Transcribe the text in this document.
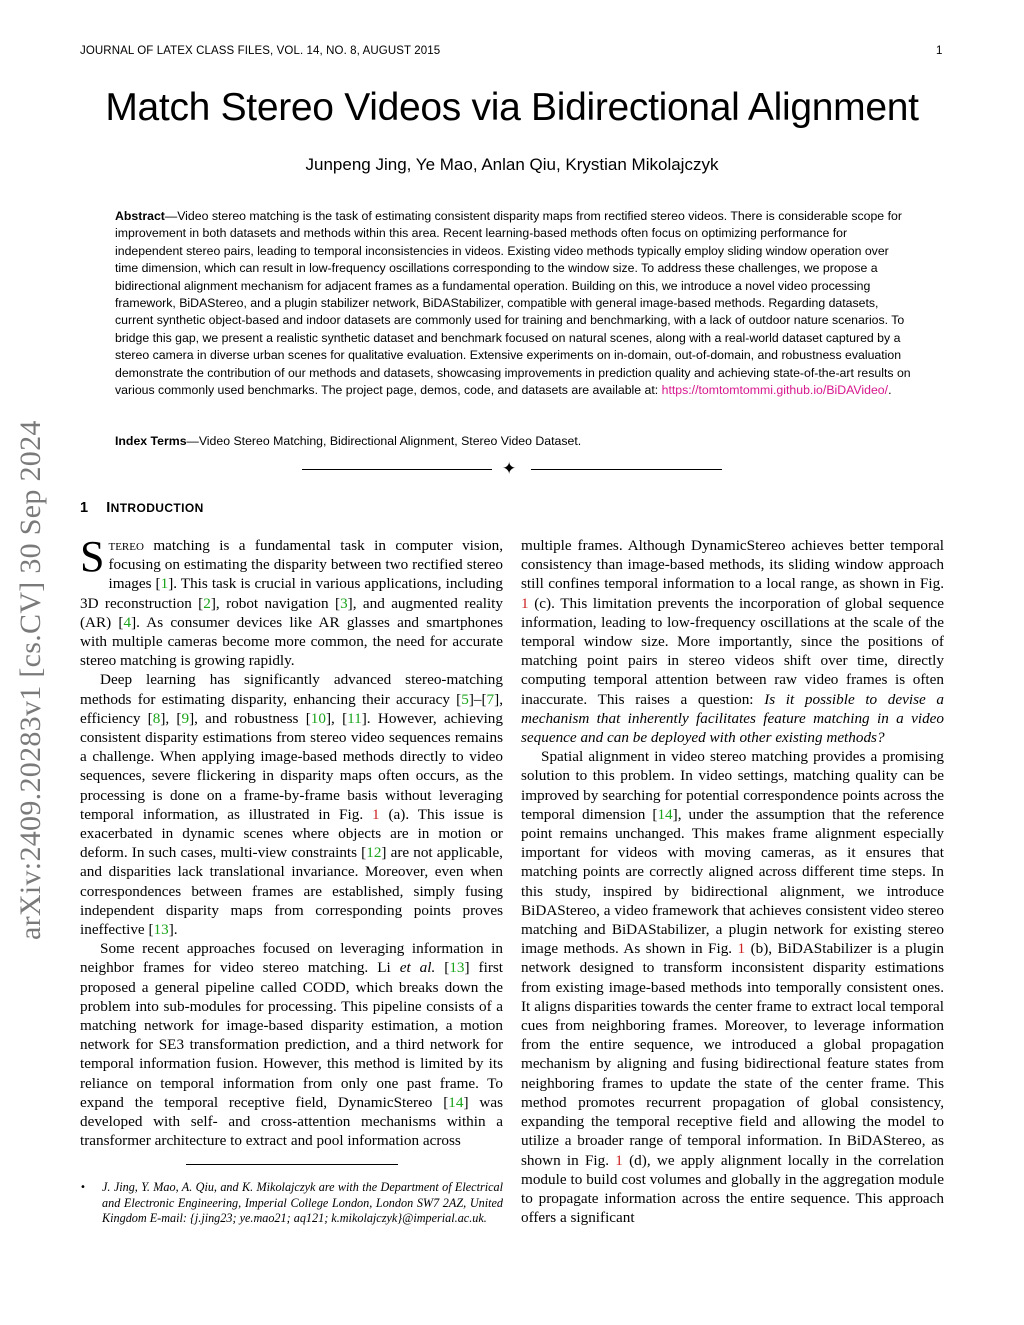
JOURNAL OF LATEX CLASS FILES, VOL. 14, NO. 8, AUGUST 2015	1
arXiv:2409.20283v1 [cs.CV] 30 Sep 2024
Match Stereo Videos via Bidirectional Alignment
Junpeng Jing, Ye Mao, Anlan Qiu, Krystian Mikolajczyk
Abstract—Video stereo matching is the task of estimating consistent disparity maps from rectified stereo videos. There is considerable scope for improvement in both datasets and methods within this area. Recent learning-based methods often focus on optimizing performance for independent stereo pairs, leading to temporal inconsistencies in videos. Existing video methods typically employ sliding window operation over time dimension, which can result in low-frequency oscillations corresponding to the window size. To address these challenges, we propose a bidirectional alignment mechanism for adjacent frames as a fundamental operation. Building on this, we introduce a novel video processing framework, BiDAStereo, and a plugin stabilizer network, BiDAStabilizer, compatible with general image-based methods. Regarding datasets, current synthetic object-based and indoor datasets are commonly used for training and benchmarking, with a lack of outdoor nature scenarios. To bridge this gap, we present a realistic synthetic dataset and benchmark focused on natural scenes, along with a real-world dataset captured by a stereo camera in diverse urban scenes for qualitative evaluation. Extensive experiments on in-domain, out-of-domain, and robustness evaluation demonstrate the contribution of our methods and datasets, showcasing improvements in prediction quality and achieving state-of-the-art results on various commonly used benchmarks. The project page, demos, code, and datasets are available at: https://tomtomtommi.github.io/BiDAVideo/.
Index Terms—Video Stereo Matching, Bidirectional Alignment, Stereo Video Dataset.
✦
1 INTRODUCTION

Stereo matching is a fundamental task in computer vision, focusing on estimating the disparity between two rectified stereo images [1]. This task is crucial in various applications, including 3D reconstruction [2], robot navigation [3], and augmented reality (AR) [4]. As consumer devices like AR glasses and smartphones with multiple cameras become more common, the need for accurate stereo matching is growing rapidly.

Deep learning has significantly advanced stereo-matching methods for estimating disparity, enhancing their accuracy [5]–[7], efficiency [8], [9], and robustness [10], [11]. However, achieving consistent disparity estimations from stereo video sequences remains a challenge. When applying image-based methods directly to video sequences, severe flickering in disparity maps often occurs, as the processing is done on a frame-by-frame basis without leveraging temporal information, as illustrated in Fig. 1 (a). This issue is exacerbated in dynamic scenes where objects are in motion or deform. In such cases, multi-view constraints [12] are not applicable, and disparities lack translational invariance. Moreover, even when correspondences between frames are established, simply fusing independent disparity maps from corresponding points proves ineffective [13].

Some recent approaches focused on leveraging information in neighbor frames for video stereo matching. Li et al. [13] first proposed a general pipeline called CODD, which breaks down the problem into sub-modules for processing. This pipeline consists of a matching network for image-based disparity estimation, a motion network for SE3 transformation prediction, and a third network for temporal information fusion. However, this method is limited by its reliance on temporal information from only one past frame. To expand the temporal receptive field, DynamicStereo [14] was developed with self- and cross-attention mechanisms within a transformer architecture to extract and pool information across

• J. Jing, Y. Mao, A. Qiu, and K. Mikolajczyk are with the Department of Electrical and Electronic Engineering, Imperial College London, London SW7 2AZ, United Kingdom E-mail: {j.jing23; ye.mao21; aq121; k.mikolajczyk}@imperial.ac.uk.

multiple frames. Although DynamicStereo achieves better temporal consistency than image-based methods, its sliding window approach still confines temporal information to a local range, as shown in Fig. 1 (c). This limitation prevents the incorporation of global sequence information, leading to low-frequency oscillations at the scale of the temporal window size. More importantly, since the positions of matching point pairs in stereo videos shift over time, directly computing temporal attention between raw video frames is often inaccurate. This raises a question: Is it possible to devise a mechanism that inherently facilitates feature matching in a video sequence and can be deployed with other existing methods?

Spatial alignment in video stereo matching provides a promising solution to this problem. In video settings, matching quality can be improved by searching for potential correspondence points across the temporal dimension [14], under the assumption that the reference point remains unchanged. This makes frame alignment especially important for videos with moving cameras, as it ensures that matching points are correctly aligned across different time steps. In this study, inspired by bidirectional alignment, we introduce BiDAStereo, a video framework that achieves consistent video stereo matching and BiDAStabilizer, a plugin network for existing stereo image methods. As shown in Fig. 1 (b), BiDAStabilizer is a plugin network designed to transform inconsistent disparity estimations from existing image-based methods into temporally consistent ones. It aligns disparities towards the center frame to extract local temporal cues from neighboring frames. Moreover, to leverage information from the entire sequence, we introduced a global propagation mechanism by aligning and fusing bidirectional feature states from neighboring frames to update the state of the center frame. This method promotes recurrent propagation of global consistency, expanding the temporal receptive field and allowing the model to utilize a broader range of temporal information. In BiDAStereo, as shown in Fig. 1 (d), we apply alignment locally in the correlation module to build cost volumes and globally in the aggregation module to propagate information across the entire sequence. This approach offers a significant
